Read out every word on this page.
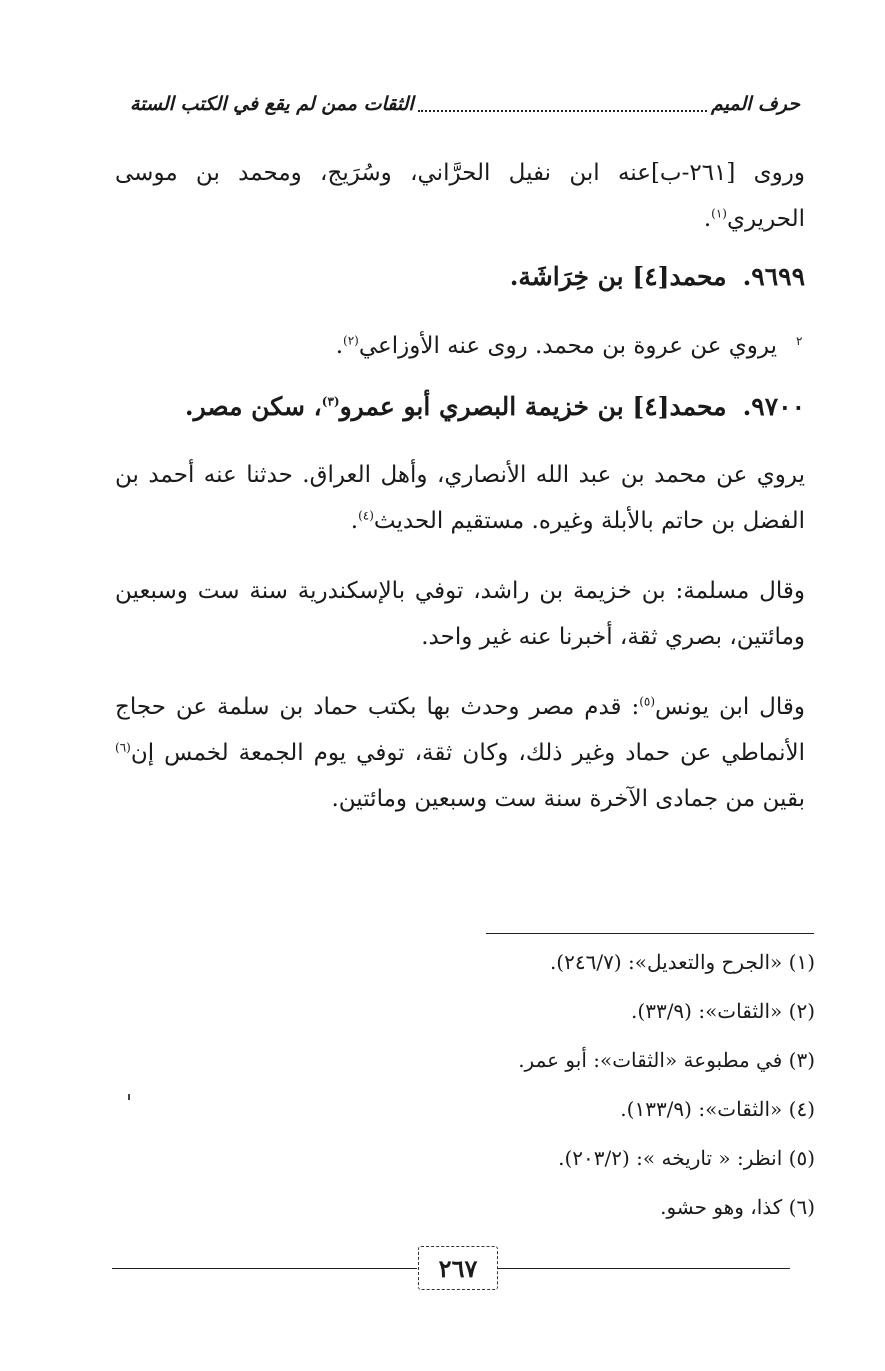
حرف الميم
الثقات ممن لم يقع في الكتب الستة

وروى [٢٦١-ب]عنه ابن نفيل الحرَّاني، وسُرَيج، ومحمد بن موسى الحريري$^{(١)}$.

٩٦٩٩.محمد[٤] بن خِرَاشَة.

يروي عن عروة بن محمد. روى عنه الأوزاعي$^{(٢)}$.	٢
٩٧٠٠.محمد[٤] بن خزيمة البصري أبو عمرو$^{(٣)}$، سكن مصر.

يروي عن محمد بن عبد الله الأنصاري، وأهل العراق. حدثنا عنه أحمد بن الفضل بن حاتم بالأبلة وغيره. مستقيم الحديث$^{(٤)}$.

وقال مسلمة: بن خزيمة بن راشد، توفي بالإسكندرية سنة ست وسبعين ومائتين، بصري ثقة، أخبرنا عنه غير واحد.

وقال ابن يونس$^{(٥)}$: قدم مصر وحدث بها بكتب حماد بن سلمة عن حجاج الأنماطي عن حماد وغير ذلك، وكان ثقة، توفي يوم الجمعة لخمس إن$^{(٦)}$ بقين من جمادى الآخرة سنة ست وسبعين ومائتين.

(١) «الجرح والتعديل»: (٢٤٦/٧).

(٢) «الثقات»: (٣٣/٩).

(٣) في مطبوعة «الثقات»: أبو عمر.

(٤) «الثقات»: (١٣٣/٩).

(٥) انظر: « تاريخه »: (٢٠٣/٢).

(٦) كذا، وهو حشو.

٢٦٧
